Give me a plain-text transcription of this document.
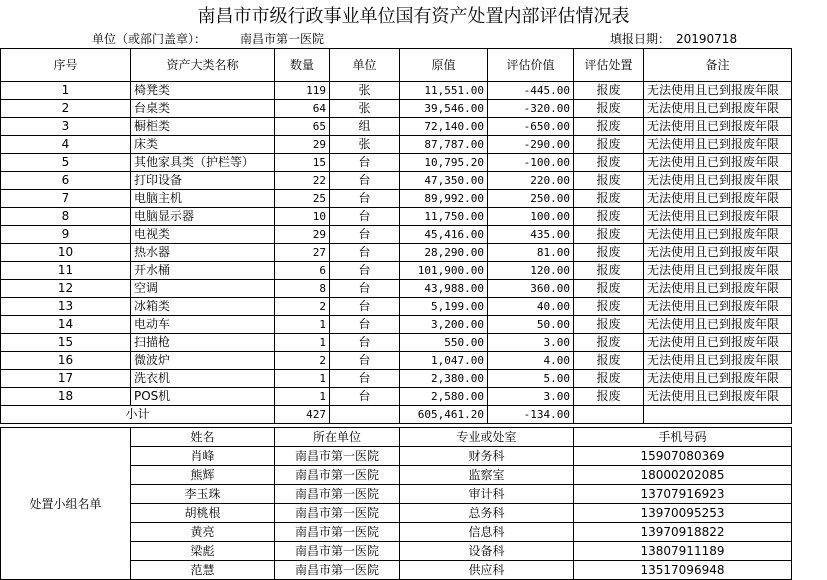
南昌市市级行政事业单位国有资产处置内部评估情况表
单位（或部门盖章）：	南昌市第一医院	填报日期： 20190718
序号	资产大类名称	数量	单位	原值	评估价值	评估处置	备注
1	椅凳类	119	张	11,551.00	-445.00	报废	无法使用且已到报废年限
2	台桌类	64	张	39,546.00	-320.00	报废	无法使用且已到报废年限
3	橱柜类	65	组	72,140.00	-650.00	报废	无法使用且已到报废年限
4	床类	29	张	87,787.00	-290.00	报废	无法使用且已到报废年限
5	其他家具类（护栏等）	15	台	10,795.20	-100.00	报废	无法使用且已到报废年限
6	打印设备	22	台	47,350.00	220.00	报废	无法使用且已到报废年限
7	电脑主机	25	台	89,992.00	250.00	报废	无法使用且已到报废年限
8	电脑显示器	10	台	11,750.00	100.00	报废	无法使用且已到报废年限
9	电视类	29	台	45,416.00	435.00	报废	无法使用且已到报废年限
10	热水器	27	台	28,290.00	81.00	报废	无法使用且已到报废年限
11	开水桶	6	台	101,900.00	120.00	报废	无法使用且已到报废年限
12	空调	8	台	43,988.00	360.00	报废	无法使用且已到报废年限
13	冰箱类	2	台	5,199.00	40.00	报废	无法使用且已到报废年限
14	电动车	1	台	3,200.00	50.00	报废	无法使用且已到报废年限
15	扫描枪	1	台	550.00	3.00	报废	无法使用且已到报废年限
16	微波炉	2	台	1,047.00	4.00	报废	无法使用且已到报废年限
17	洗衣机	1	台	2,380.00	5.00	报废	无法使用且已到报废年限
18	POS机	1	台	2,580.00	3.00	报废	无法使用且已到报废年限
小计		427		605,461.20	-134.00		
处置小组名单	姓名	所在单位	专业或处室	手机号码
	肖峰	南昌市第一医院	财务科	15907080369
	熊辉	南昌市第一医院	监察室	18000202085
	李玉珠	南昌市第一医院	审计科	13707916923
	胡桃根	南昌市第一医院	总务科	13970095253
	黄亮	南昌市第一医院	信息科	13970918822
	梁彪	南昌市第一医院	设备科	13807911189
	范慧	南昌市第一医院	供应科	13517096948
